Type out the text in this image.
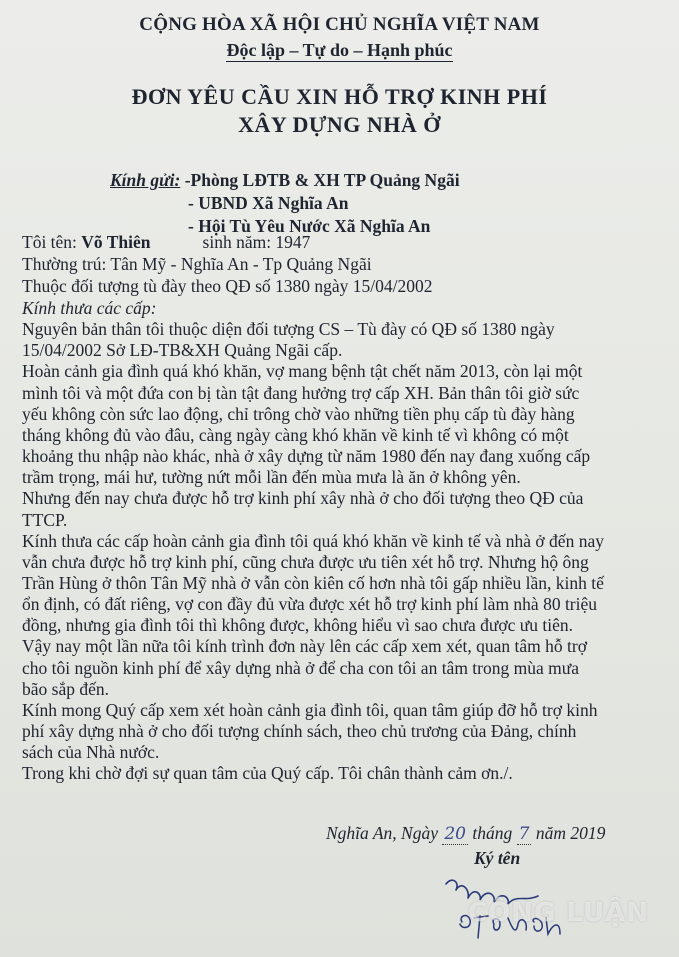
CỘNG HÒA XÃ HỘI CHỦ NGHĨA VIỆT NAM
Độc lập – Tự do – Hạnh phúc
ĐƠN YÊU CẦU XIN HỖ TRỢ KINH PHÍ
XÂY DỰNG NHÀ Ở
Kính gửi: -Phòng LĐTB & XH TP Quảng Ngãi
- UBND Xã Nghĩa An
- Hội Tù Yêu Nước Xã Nghĩa An
Tôi tên: Võ Thiên	sinh năm: 1947
Thường trú: Tân Mỹ - Nghĩa An - Tp Quảng Ngãi
Thuộc đối tượng tù đày theo QĐ số 1380 ngày 15/04/2002
Kính thưa các cấp:
Nguyên bản thân tôi thuộc diện đối tượng CS – Tù đày có QĐ số 1380 ngày
15/04/2002 Sở LĐ-TB&XH Quảng Ngãi cấp.
Hoàn cảnh gia đình quá khó khăn, vợ mang bệnh tật chết năm 2013, còn lại một
mình tôi và một đứa con bị tàn tật đang hưởng trợ cấp XH. Bản thân tôi giờ sức
yếu không còn sức lao động, chỉ trông chờ vào những tiền phụ cấp tù đày hàng
tháng không đủ vào đâu, càng ngày càng khó khăn về kinh tế vì không có một
khoảng thu nhập nào khác, nhà ở xây dựng từ năm 1980 đến nay đang xuống cấp
trầm trọng, mái hư, tường nứt mỗi lần đến mùa mưa là ăn ở không yên.
Nhưng đến nay chưa được hỗ trợ kinh phí xây nhà ở cho đối tượng theo QĐ của
TTCP.
Kính thưa các cấp hoàn cảnh gia đình tôi quá khó khăn về kinh tế và nhà ở đến nay
vẫn chưa được hỗ trợ kinh phí, cũng chưa được ưu tiên xét hỗ trợ. Nhưng hộ ông
Trần Hùng ở thôn Tân Mỹ nhà ở vẫn còn kiên cố hơn nhà tôi gấp nhiều lần, kinh tế
ổn định, có đất riêng, vợ con đầy đủ vừa được xét hỗ trợ kinh phí làm nhà 80 triệu
đồng, nhưng gia đình tôi thì không được, không hiểu vì sao chưa được ưu tiên.
Vậy nay một lần nữa tôi kính trình đơn này lên các cấp xem xét, quan tâm hỗ trợ
cho tôi nguồn kinh phí để xây dựng nhà ở để cha con tôi an tâm trong mùa mưa
bão sắp đến.
Kính mong Quý cấp xem xét hoàn cảnh gia đình tôi, quan tâm giúp đỡ hỗ trợ kinh
phí xây dựng nhà ở cho đối tượng chính sách, theo chủ trương của Đảng, chính
sách của Nhà nước.
Trong khi chờ đợi sự quan tâm của Quý cấp. Tôi chân thành cảm ơn./.
Nghĩa An, Ngày 20 tháng 7 năm 2019
Ký tên
CÔNG LUẬN
